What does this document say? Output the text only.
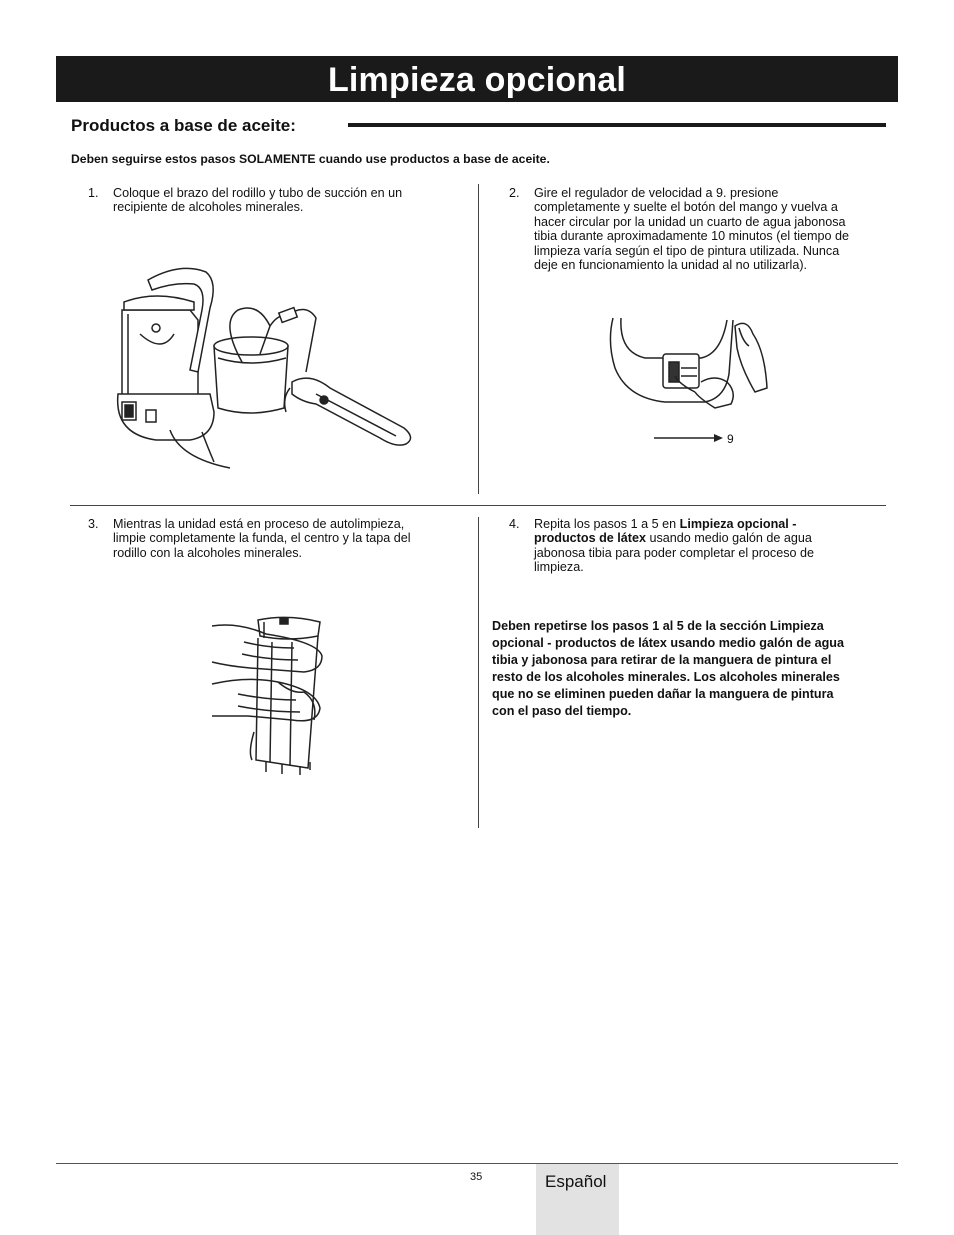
Limpieza opcional
Productos a base de aceite:
Deben seguirse estos pasos SOLAMENTE cuando use productos a base de aceite.
1. Coloque el brazo del rodillo y tubo de succión en un
recipiente de alcoholes minerales.
2. Gire el regulador de velocidad a 9. presione
completamente y suelte el botón del mango y vuelva a
hacer circular por la unidad un cuarto de agua jabonosa
tibia durante aproximadamente 10 minutos (el tiempo de
limpieza varía según el tipo de pintura utilizada. Nunca
deje en funcionamiento la unidad al no utilizarla).
3. Mientras la unidad está en proceso de autolimpieza,
limpie completamente la funda, el centro y la tapa del
rodillo con la alcoholes minerales.
4. Repita los pasos 1 a 5 en Limpieza opcional -
productos de látex usando medio galón de agua
jabonosa tibia para poder completar el proceso de
limpieza.
9
Deben repetirse los pasos 1 al 5 de la sección Limpieza
opcional - productos de látex usando medio galón de agua
tibia y jabonosa para retirar de la manguera de pintura el
resto de los alcoholes minerales. Los alcoholes minerales
que no se eliminen pueden dañar la manguera de pintura
con el paso del tiempo.
35	Español
